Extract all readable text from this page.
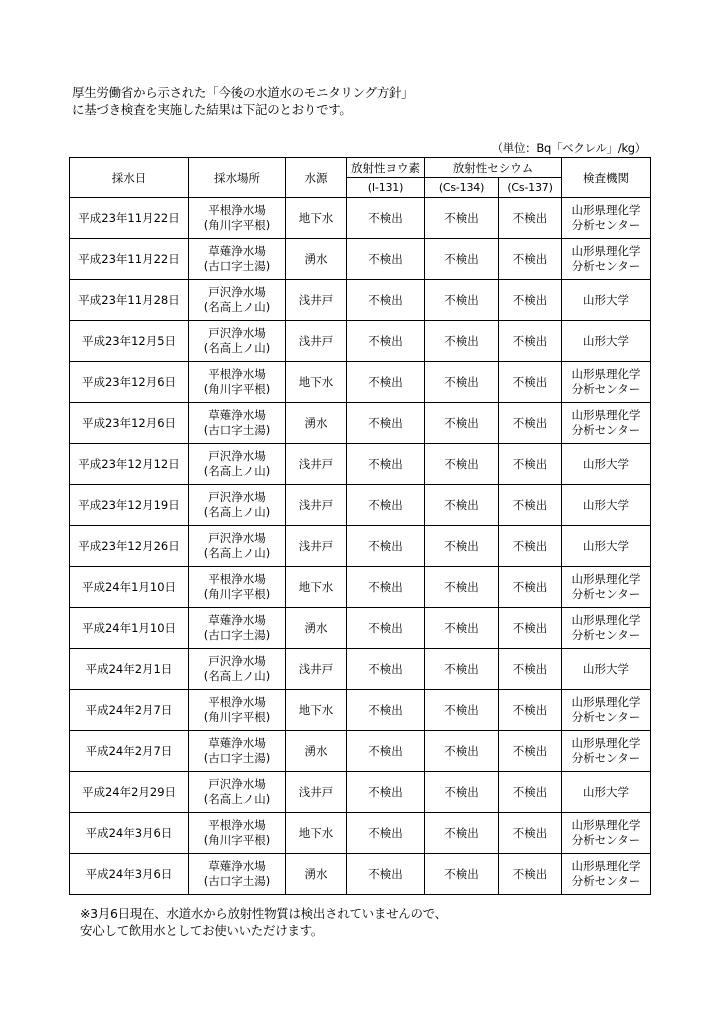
厚生労働省から示された「今後の水道水のモニタリング方針」
に基づき検査を実施した結果は下記のとおりです。
（単位：Bq「ベクレル」/kg）
採水日	採水場所	水源	放射性ヨウ素	放射性セシウム		検査機関
			(I-131)	(Cs-134)	(Cs-137)	
平成23年11月22日	平根浄水場
(角川字平根)	地下水	不検出	不検出	不検出	山形県理化学
分析センター

平成23年11月22日	草薙浄水場
(古口字土湯)	湧水	不検出	不検出	不検出	山形県理化学
分析センター

平成23年11月28日	戸沢浄水場
(名高上ノ山)	浅井戸	不検出	不検出	不検出	山形大学

平成23年12月5日	戸沢浄水場
(名高上ノ山)	浅井戸	不検出	不検出	不検出	山形大学

平成23年12月6日	平根浄水場
(角川字平根)	地下水	不検出	不検出	不検出	山形県理化学
分析センター

平成23年12月6日	草薙浄水場
(古口字土湯)	湧水	不検出	不検出	不検出	山形県理化学
分析センター

平成23年12月12日	戸沢浄水場
(名高上ノ山)	浅井戸	不検出	不検出	不検出	山形大学

平成23年12月19日	戸沢浄水場
(名高上ノ山)	浅井戸	不検出	不検出	不検出	山形大学

平成23年12月26日	戸沢浄水場
(名高上ノ山)	浅井戸	不検出	不検出	不検出	山形大学

平成24年1月10日	平根浄水場
(角川字平根)	地下水	不検出	不検出	不検出	山形県理化学
分析センター

平成24年1月10日	草薙浄水場
(古口字土湯)	湧水	不検出	不検出	不検出	山形県理化学
分析センター

平成24年2月1日	戸沢浄水場
(名高上ノ山)	浅井戸	不検出	不検出	不検出	山形大学

平成24年2月7日	平根浄水場
(角川字平根)	地下水	不検出	不検出	不検出	山形県理化学
分析センター

平成24年2月7日	草薙浄水場
(古口字土湯)	湧水	不検出	不検出	不検出	山形県理化学
分析センター

平成24年2月29日	戸沢浄水場
(名高上ノ山)	浅井戸	不検出	不検出	不検出	山形大学

平成24年3月6日	平根浄水場
(角川字平根)	地下水	不検出	不検出	不検出	山形県理化学
分析センター

平成24年3月6日	草薙浄水場
(古口字土湯)	湧水	不検出	不検出	不検出	山形県理化学
分析センター
※3月6日現在、水道水から放射性物質は検出されていませんので、
安心して飲用水としてお使いいただけます。
